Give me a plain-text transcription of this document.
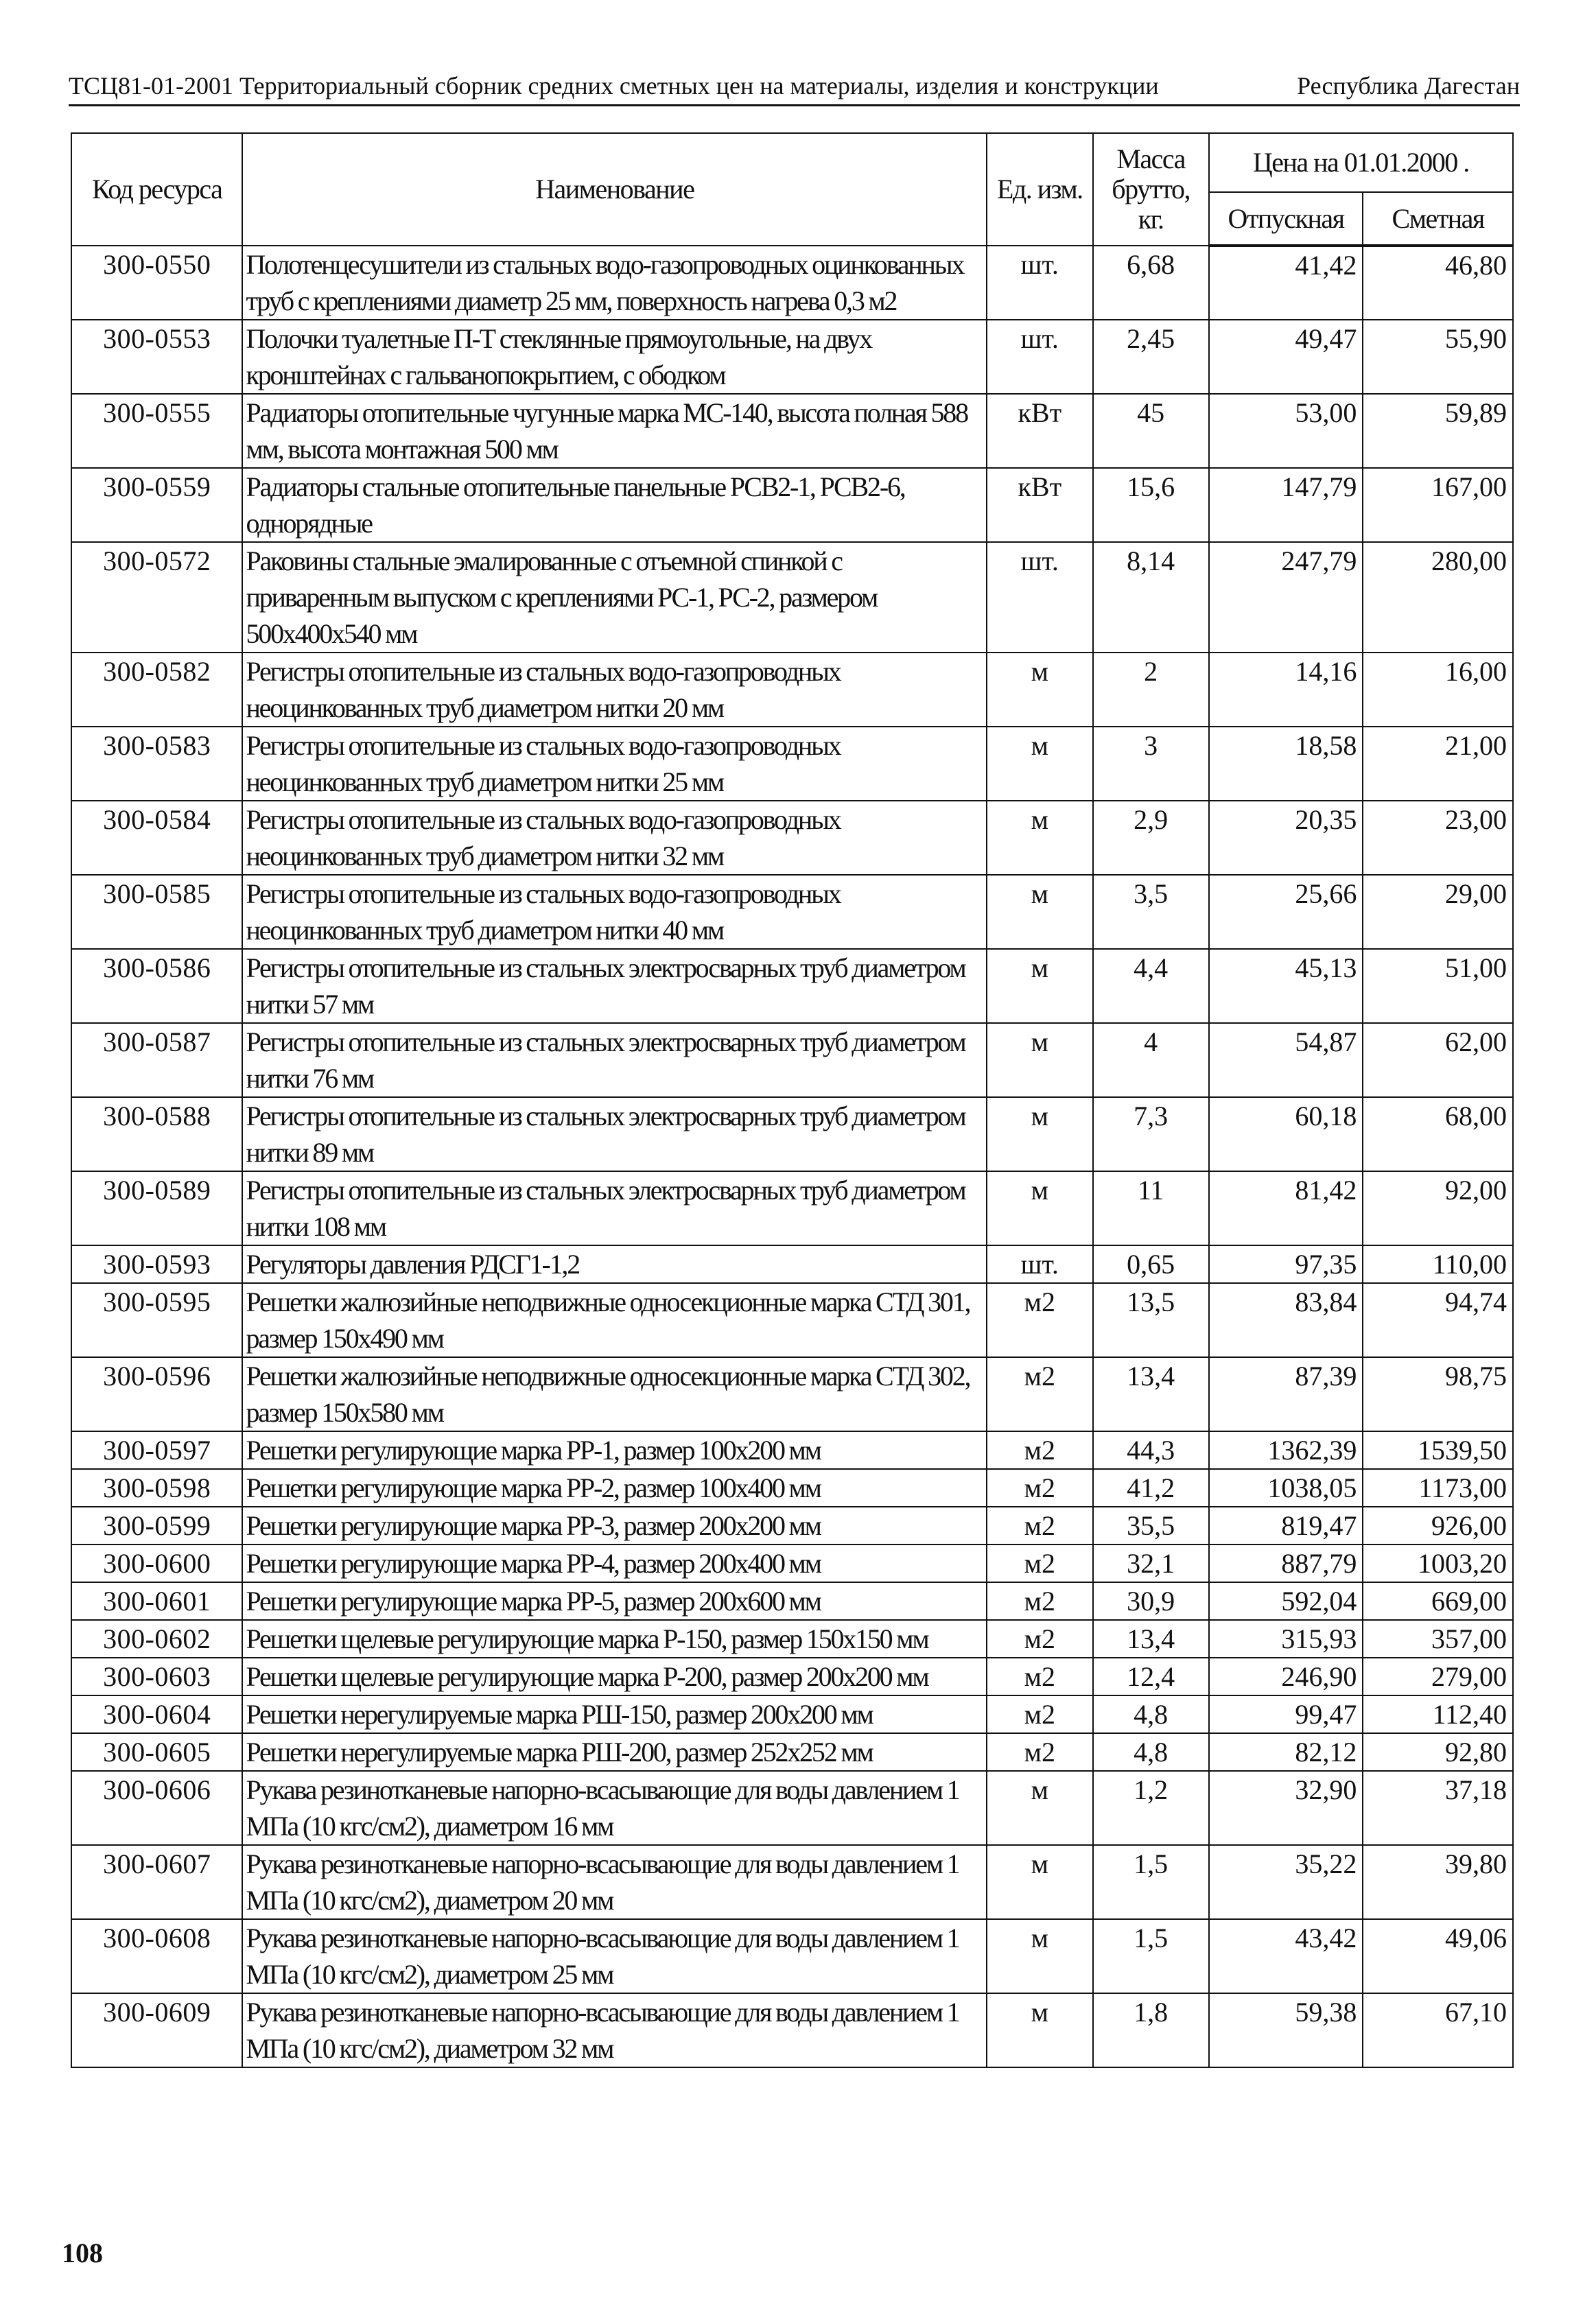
ТСЦ81-01-2001 Территориальный сборник средних сметных цен на материалы, изделия и конструкции	Республика Дагестан
Код ресурса	Наименование	Ед. изм.	Масса брутто, кг.	Цена на 01.01.2000 .	
				Отпускная	Сметная
300-0550	Полотенцесушители из стальных водо-газопроводных оцинкованных труб с креплениями диаметр 25 мм, поверхность нагрева 0,3 м2	шт.	6,68	41,42	46,80
300-0553	Полочки туалетные П-Т стеклянные прямоугольные, на двух кронштейнах с гальванопокрытием, с ободком	шт.	2,45	49,47	55,90
300-0555	Радиаторы отопительные чугунные марка МС-140, высота полная 588 мм, высота монтажная 500 мм	кВт	45	53,00	59,89
300-0559	Радиаторы стальные отопительные панельные РСВ2-1, РСВ2-6, однорядные	кВт	15,6	147,79	167,00
300-0572	Раковины стальные эмалированные с отъемной спинкой с приваренным выпуском с креплениями РС-1, РС-2, размером 500х400х540 мм	шт.	8,14	247,79	280,00
300-0582	Регистры отопительные из стальных водо-газопроводных неоцинкованных труб диаметром нитки 20 мм	м	2	14,16	16,00
300-0583	Регистры отопительные из стальных водо-газопроводных неоцинкованных труб диаметром нитки 25 мм	м	3	18,58	21,00
300-0584	Регистры отопительные из стальных водо-газопроводных неоцинкованных труб диаметром нитки 32 мм	м	2,9	20,35	23,00
300-0585	Регистры отопительные из стальных водо-газопроводных неоцинкованных труб диаметром нитки 40 мм	м	3,5	25,66	29,00
300-0586	Регистры отопительные из стальных электросварных труб диаметром нитки 57 мм	м	4,4	45,13	51,00
300-0587	Регистры отопительные из стальных электросварных труб диаметром нитки 76 мм	м	4	54,87	62,00
300-0588	Регистры отопительные из стальных электросварных труб диаметром нитки 89 мм	м	7,3	60,18	68,00
300-0589	Регистры отопительные из стальных электросварных труб диаметром нитки 108 мм	м	11	81,42	92,00
300-0593	Регуляторы давления РДСГ1-1,2	шт.	0,65	97,35	110,00
300-0595	Решетки жалюзийные неподвижные односекционные марка СТД 301, размер 150х490 мм	м2	13,5	83,84	94,74
300-0596	Решетки жалюзийные неподвижные односекционные марка СТД 302, размер 150х580 мм	м2	13,4	87,39	98,75
300-0597	Решетки регулирующие марка РР-1, размер 100х200 мм	м2	44,3	1362,39	1539,50
300-0598	Решетки регулирующие марка РР-2, размер 100х400 мм	м2	41,2	1038,05	1173,00
300-0599	Решетки регулирующие марка РР-3, размер 200х200 мм	м2	35,5	819,47	926,00
300-0600	Решетки регулирующие марка РР-4, размер 200х400 мм	м2	32,1	887,79	1003,20
300-0601	Решетки регулирующие марка РР-5, размер 200х600 мм	м2	30,9	592,04	669,00
300-0602	Решетки щелевые регулирующие марка Р-150, размер 150х150 мм	м2	13,4	315,93	357,00
300-0603	Решетки щелевые регулирующие марка Р-200, размер 200х200 мм	м2	12,4	246,90	279,00
300-0604	Решетки нерегулируемые марка РШ-150, размер 200х200 мм	м2	4,8	99,47	112,40
300-0605	Решетки нерегулируемые марка РШ-200, размер 252х252 мм	м2	4,8	82,12	92,80
300-0606	Рукава резинотканевые напорно-всасывающие для воды давлением 1 МПа (10 кгс/см2), диаметром 16 мм	м	1,2	32,90	37,18
300-0607	Рукава резинотканевые напорно-всасывающие для воды давлением 1 МПа (10 кгс/см2), диаметром 20 мм	м	1,5	35,22	39,80
300-0608	Рукава резинотканевые напорно-всасывающие для воды давлением 1 МПа (10 кгс/см2), диаметром 25 мм	м	1,5	43,42	49,06
300-0609	Рукава резинотканевые напорно-всасывающие для воды давлением 1 МПа (10 кгс/см2), диаметром 32 мм	м	1,8	59,38	67,10
108
